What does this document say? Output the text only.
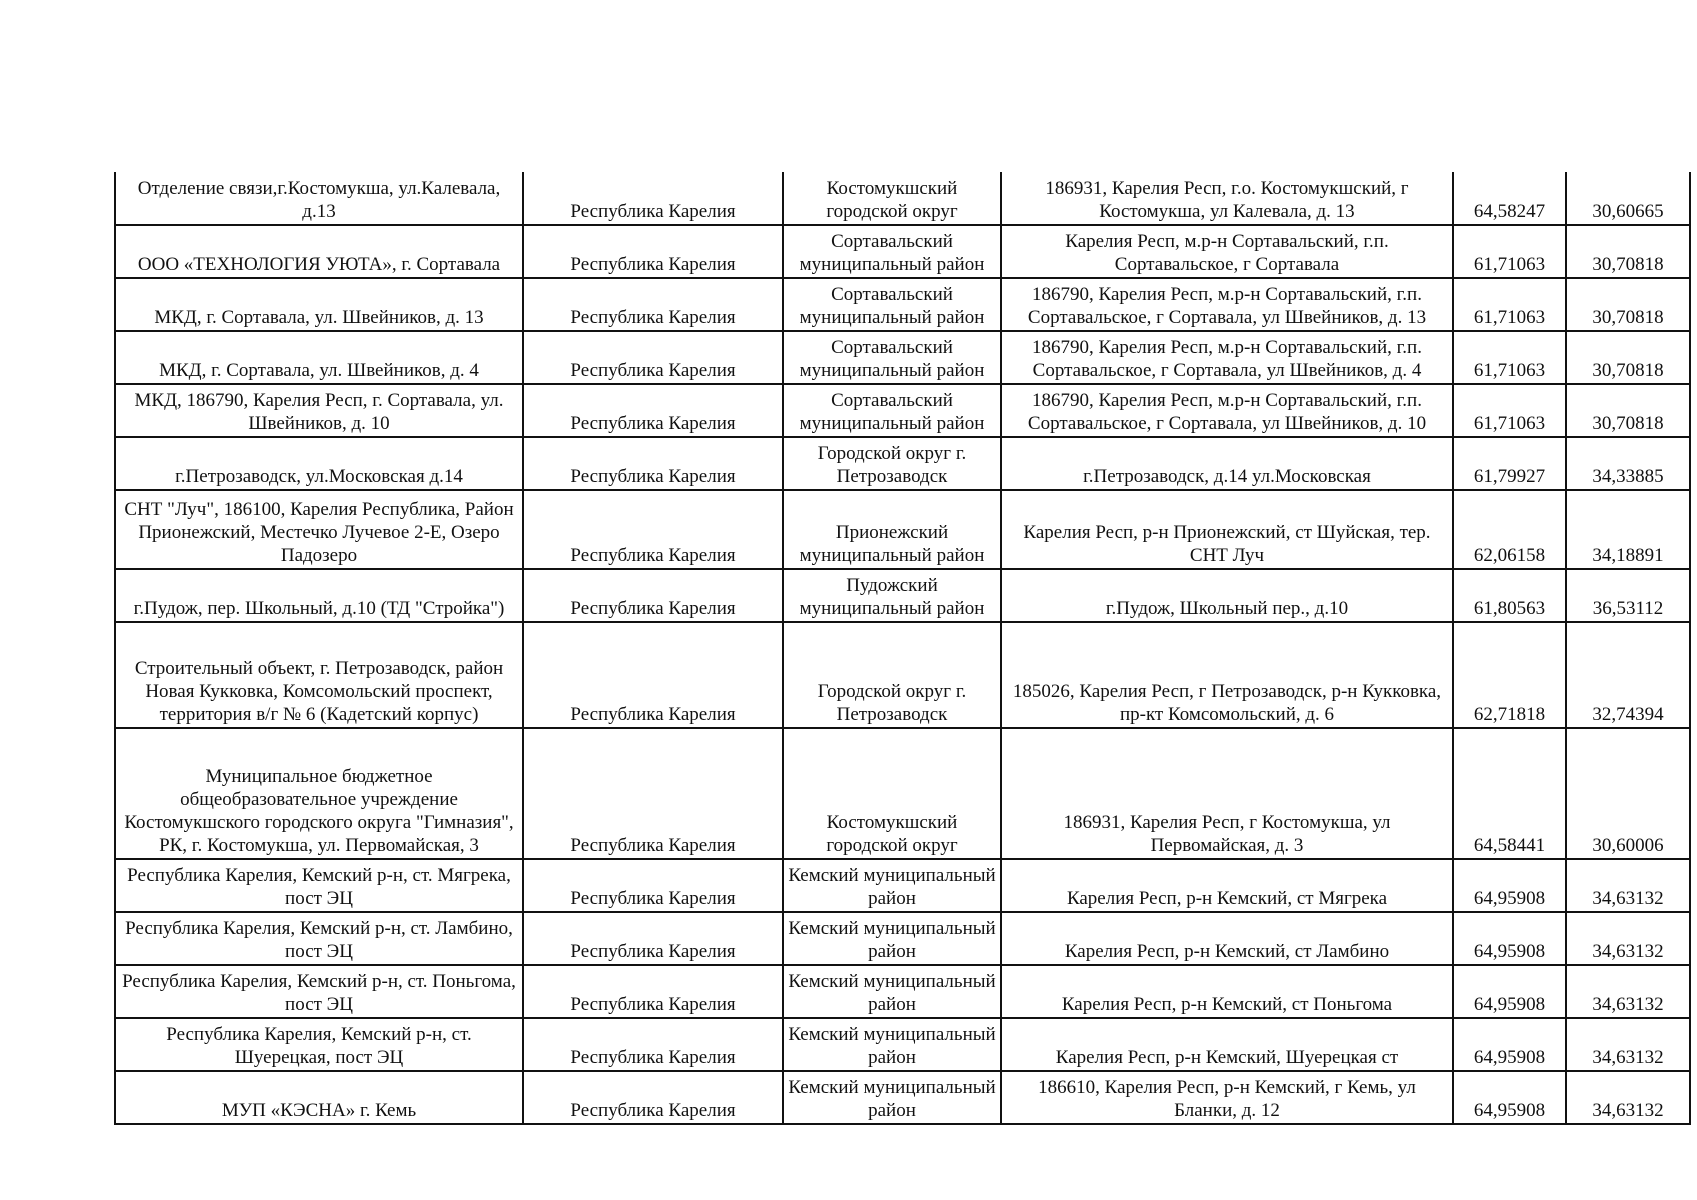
Отделение связи,г.Костомукша, ул.Калевала, д.13	Республика Карелия	Костомукшский городской округ	186931, Карелия Респ, г.о. Костомукшский, г Костомукша, ул Калевала, д. 13	64,58247	30,60665
ООО «ТЕХНОЛОГИЯ УЮТА», г. Сортавала	Республика Карелия	Сортавальский муниципальный район	Карелия Респ, м.р-н Сортавальский, г.п. Сортавальское, г Сортавала	61,71063	30,70818
МКД, г. Сортавала, ул. Швейников, д. 13	Республика Карелия	Сортавальский муниципальный район	186790, Карелия Респ, м.р-н Сортавальский, г.п. Сортавальское, г Сортавала, ул Швейников, д. 13	61,71063	30,70818
МКД, г. Сортавала, ул. Швейников, д. 4	Республика Карелия	Сортавальский муниципальный район	186790, Карелия Респ, м.р-н Сортавальский, г.п. Сортавальское, г Сортавала, ул Швейников, д. 4	61,71063	30,70818
МКД, 186790, Карелия Респ, г. Сортавала, ул. Швейников, д. 10	Республика Карелия	Сортавальский муниципальный район	186790, Карелия Респ, м.р-н Сортавальский, г.п. Сортавальское, г Сортавала, ул Швейников, д. 10	61,71063	30,70818
г.Петрозаводск, ул.Московская д.14	Республика Карелия	Городской округ г. Петрозаводск	г.Петрозаводск, д.14 ул.Московская	61,79927	34,33885
СНТ "Луч", 186100, Карелия Республика, Район Прионежский, Местечко Лучевое 2-Е, Озеро Падозеро	Республика Карелия	Прионежский муниципальный район	Карелия Респ, р-н Прионежский, ст Шуйская, тер. СНТ Луч	62,06158	34,18891
г.Пудож, пер. Школьный, д.10 (ТД "Стройка")	Республика Карелия	Пудожский муниципальный район	г.Пудож, Школьный пер., д.10	61,80563	36,53112
Строительный объект, г. Петрозаводск, район Новая Кукковка, Комсомольский проспект, территория в/г № 6 (Кадетский корпус)	Республика Карелия	Городской округ г. Петрозаводск	185026, Карелия Респ, г Петрозаводск, р-н Кукковка, пр-кт Комсомольский, д. 6	62,71818	32,74394
Муниципальное бюджетное общеобразовательное учреждение Костомукшского городского округа "Гимназия", РК, г. Костомукша, ул. Первомайская, 3	Республика Карелия	Костомукшский городской округ	186931, Карелия Респ, г Костомукша, ул Первомайская, д. 3	64,58441	30,60006
Республика Карелия, Кемский р-н, ст. Мягрека, пост ЭЦ	Республика Карелия	Кемский муниципальный район	Карелия Респ, р-н Кемский, ст Мягрека	64,95908	34,63132
Республика Карелия, Кемский р-н, ст. Ламбино, пост ЭЦ	Республика Карелия	Кемский муниципальный район	Карелия Респ, р-н Кемский, ст Ламбино	64,95908	34,63132
Республика Карелия, Кемский р-н, ст. Поньгома, пост ЭЦ	Республика Карелия	Кемский муниципальный район	Карелия Респ, р-н Кемский, ст Поньгома	64,95908	34,63132
Республика Карелия, Кемский р-н, ст. Шуерецкая, пост ЭЦ	Республика Карелия	Кемский муниципальный район	Карелия Респ, р-н Кемский, Шуерецкая ст	64,95908	34,63132
МУП «КЭСНА» г. Кемь	Республика Карелия	Кемский муниципальный район	186610, Карелия Респ, р-н Кемский, г Кемь, ул Бланки, д. 12	64,95908	34,63132
